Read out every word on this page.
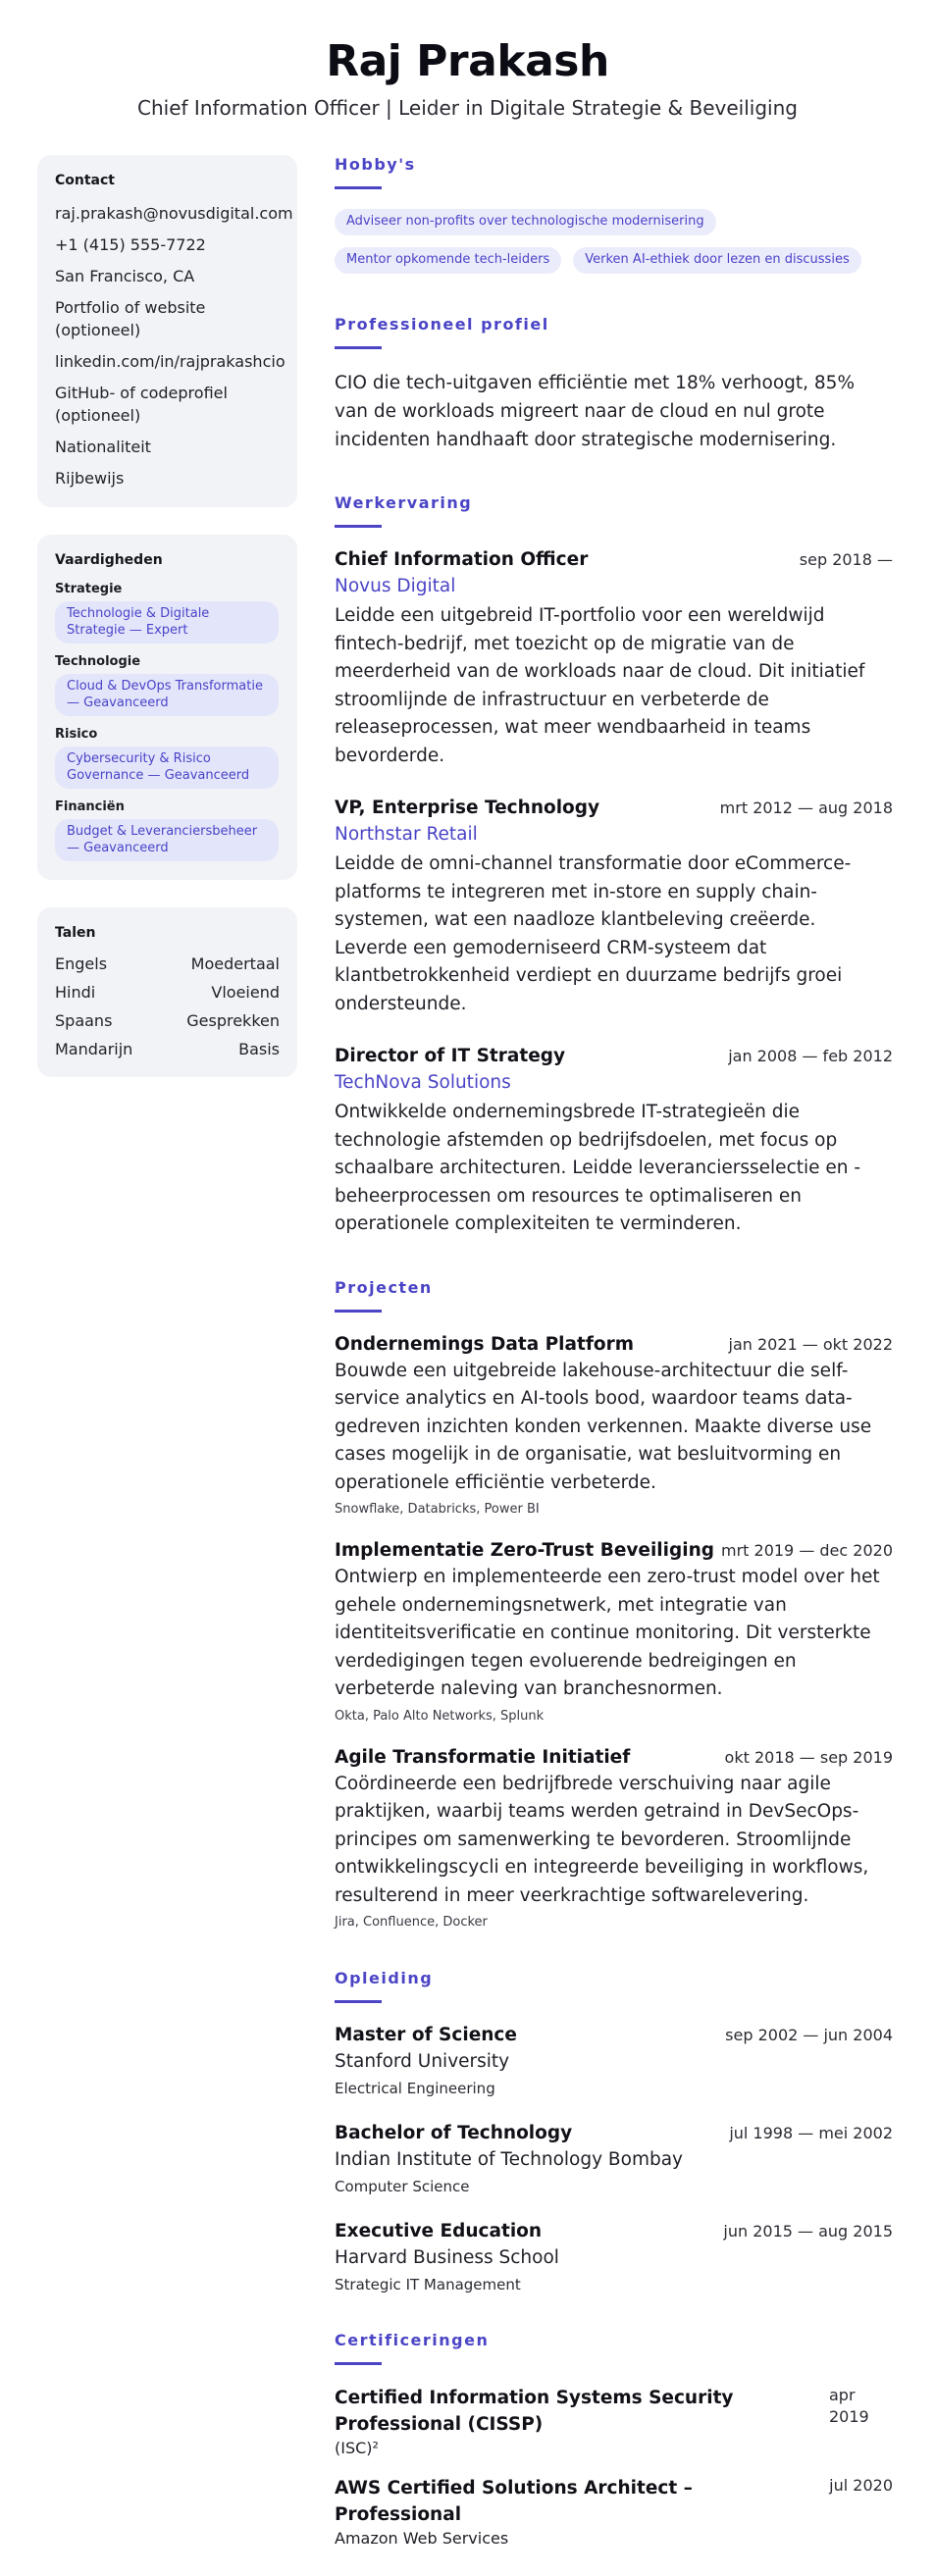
Raj Prakash
Chief Information Officer | Leider in Digitale Strategie & Beveiliging
Contact
raj.prakash@novusdigital.com
+1 (415) 555-7722
San Francisco, CA
Portfolio of website (optioneel)
linkedin.com/in/rajprakashcio
GitHub- of codeprofiel (optioneel)
Nationaliteit
Rijbewijs
Vaardigheden
Strategie
Technologie & Digitale Strategie — Expert
Technologie
Cloud & DevOps Transformatie — Geavanceerd
Risico
Cybersecurity & Risico Governance — Geavanceerd
Financiën
Budget & Leveranciersbeheer — Geavanceerd
Talen
Engels	Moedertaal
Hindi	Vloeiend
Spaans	Gesprekken
Mandarijn	Basis
Hobby's
Adviseer non-profits over technologische modernisering
Mentor opkomende tech-leiders	Verken AI-ethiek door lezen en discussies
Professioneel profiel

CIO die tech-uitgaven efficiëntie met 18% verhoogt, 85% van de workloads migreert naar de cloud en nul grote incidenten handhaaft door strategische modernisering.

Werkervaring
Chief Information Officer	sep 2018 —
Novus Digital

Leidde een uitgebreid IT-portfolio voor een wereldwijd fintech-bedrijf, met toezicht op de migratie van de meerderheid van de workloads naar de cloud. Dit initiatief stroomlijnde de infrastructuur en verbeterde de releaseprocessen, wat meer wendbaarheid in teams bevorderde.

VP, Enterprise Technology	mrt 2012 — aug 2018
Northstar Retail

Leidde de omni-channel transformatie door eCommerce-platforms te integreren met in-store en supply chain-systemen, wat een naadloze klantbeleving creëerde. Leverde een gemoderniseerd CRM-systeem dat klantbetrokkenheid verdiept en duurzame bedrijfs groei ondersteunde.

Director of IT Strategy	jan 2008 — feb 2012
TechNova Solutions

Ontwikkelde ondernemingsbrede IT-strategieën die technologie afstemden op bedrijfsdoelen, met focus op schaalbare architecturen. Leidde leveranciersselectie en -beheerprocessen om resources te optimaliseren en operationele complexiteiten te verminderen.

Projecten
Ondernemings Data Platform	jan 2021 — okt 2022

Bouwde een uitgebreide lakehouse-architectuur die self-service analytics en AI-tools bood, waardoor teams data-gedreven inzichten konden verkennen. Maakte diverse use cases mogelijk in de organisatie, wat besluitvorming en operationele efficiëntie verbeterde.

Snowflake, Databricks, Power BI
Implementatie Zero-Trust Beveiliging mrt 2019 — dec 2020

Ontwierp en implementeerde een zero-trust model over het gehele ondernemingsnetwerk, met integratie van identiteitsverificatie en continue monitoring. Dit versterkte verdedigingen tegen evoluerende bedreigingen en verbeterde naleving van branchesnormen.

Okta, Palo Alto Networks, Splunk
Agile Transformatie Initiatief	okt 2018 — sep 2019

Coördineerde een bedrijfbrede verschuiving naar agile praktijken, waarbij teams werden getraind in DevSecOps-principes om samenwerking te bevorderen. Stroomlijnde ontwikkelingscycli en integreerde beveiliging in workflows, resulterend in meer veerkrachtige softwarelevering.

Jira, Confluence, Docker
Opleiding
Master of Science	sep 2002 — jun 2004
Stanford University
Electrical Engineering
Bachelor of Technology	jul 1998 — mei 2002
Indian Institute of Technology Bombay
Computer Science
Executive Education	jun 2015 — aug 2015
Harvard Business School
Strategic IT Management
Certificeringen
Certified Information Systems Security Professional (CISSP)
apr 2019
(ISC)²
AWS Certified Solutions Architect – Professional
jul 2020
Amazon Web Services
